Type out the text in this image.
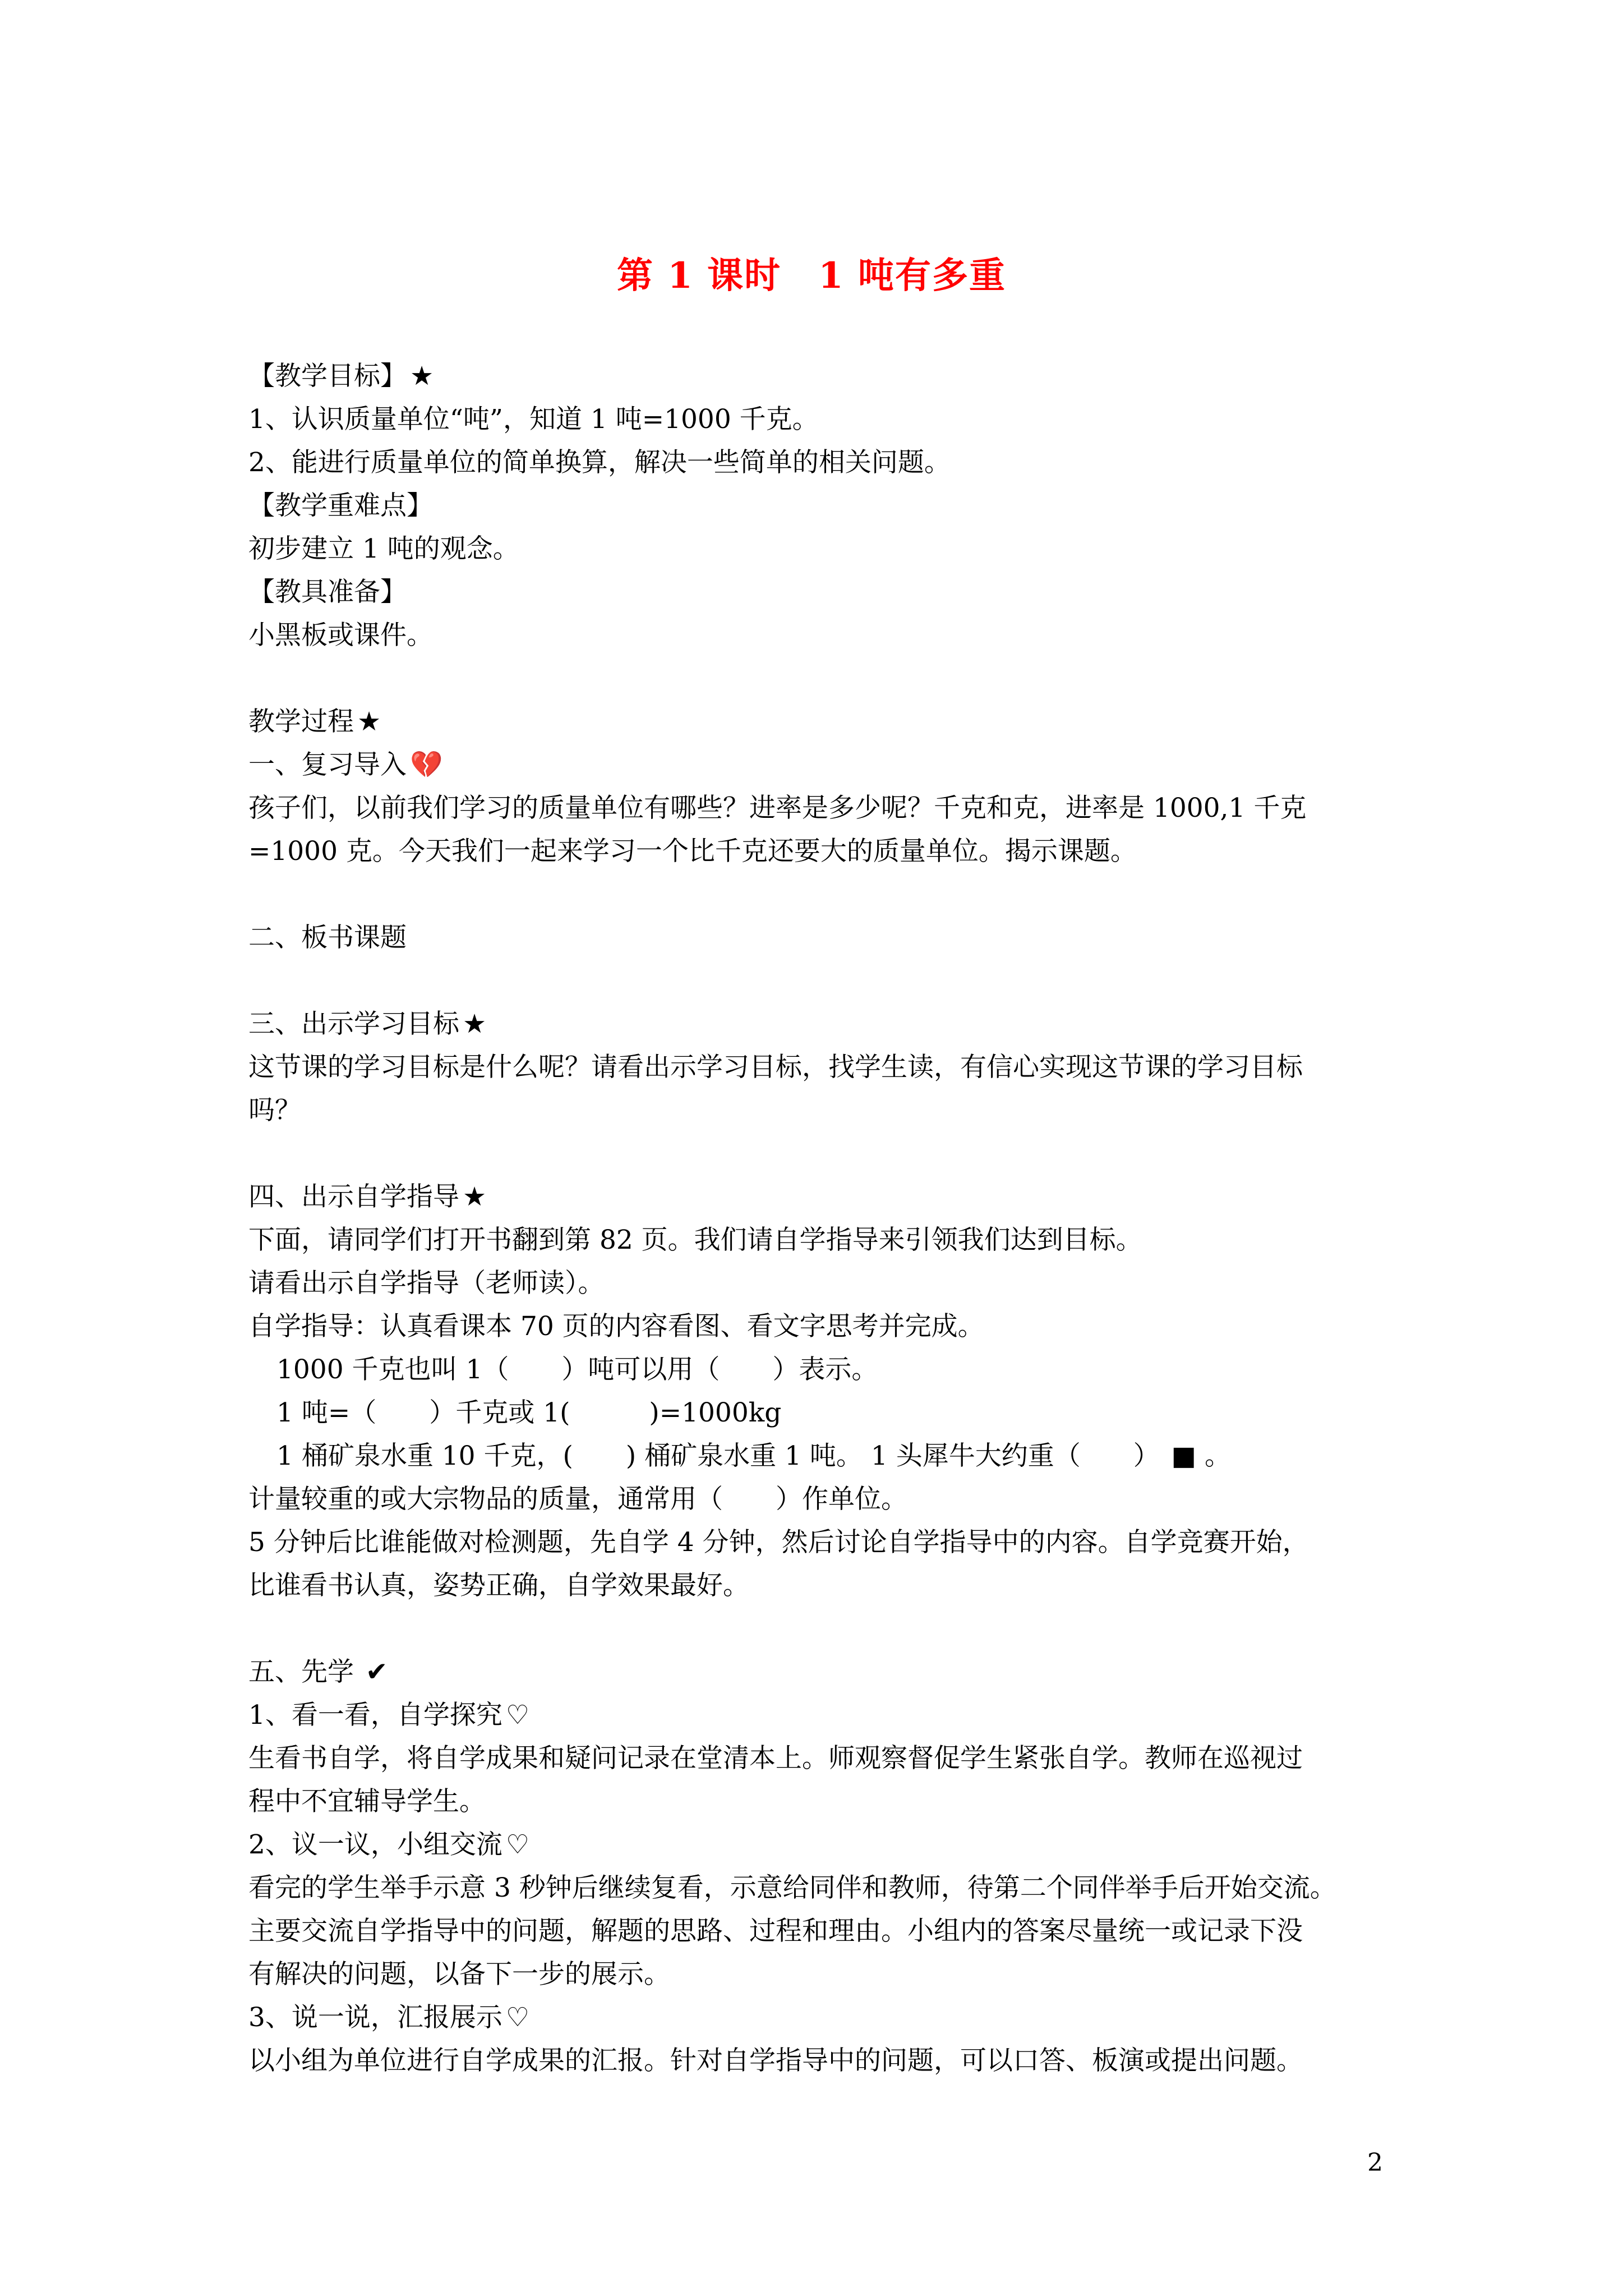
第 1 课时　1 吨有多重
【教学目标】 ★
1、认识质量单位“吨”，知道 1 吨=1000 千克。
2、能进行质量单位的简单换算，解决一些简单的相关问题。
【教学重难点】
初步建立 1 吨的观念。
【教具准备】
小黑板或课件。
教学过程 ★
一、复习导入 💔
孩子们，以前我们学习的质量单位有哪些？进率是多少呢？千克和克，进率是 1000,1 千克
=1000 克。今天我们一起来学习一个比千克还要大的质量单位。揭示课题。
二、板书课题
三、出示学习目标 ★
这节课的学习目标是什么呢？请看出示学习目标，找学生读，有信心实现这节课的学习目标
吗？
四、出示自学指导 ★
下面，请同学们打开书翻到第 82 页。我们请自学指导来引领我们达到目标。
请看出示自学指导（老师读）。
自学指导：认真看课本 70 页的内容看图、看文字思考并完成。
1000 千克也叫 1（　　）吨可以用（　　）表示。
1 吨=（　　）千克或 1(　　　)=1000kg
1 桶矿泉水重 10 千克，(　　) 桶矿泉水重 1 吨。 1 头犀牛大约重（　　） ■ 。
计量较重的或大宗物品的质量，通常用（　　）作单位。
5 分钟后比谁能做对检测题，先自学 4 分钟，然后讨论自学指导中的内容。自学竞赛开始，
比谁看书认真，姿势正确，自学效果最好。
五、先学 ✔
1、看一看，自学探究 ♡
生看书自学，将自学成果和疑问记录在堂清本上。师观察督促学生紧张自学。教师在巡视过
程中不宜辅导学生。
2、议一议，小组交流 ♡
看完的学生举手示意 3 秒钟后继续复看，示意给同伴和教师，待第二个同伴举手后开始交流。
主要交流自学指导中的问题，解题的思路、过程和理由。小组内的答案尽量统一或记录下没
有解决的问题，以备下一步的展示。
3、说一说，汇报展示 ♡
以小组为单位进行自学成果的汇报。针对自学指导中的问题，可以口答、板演或提出问题。
2
